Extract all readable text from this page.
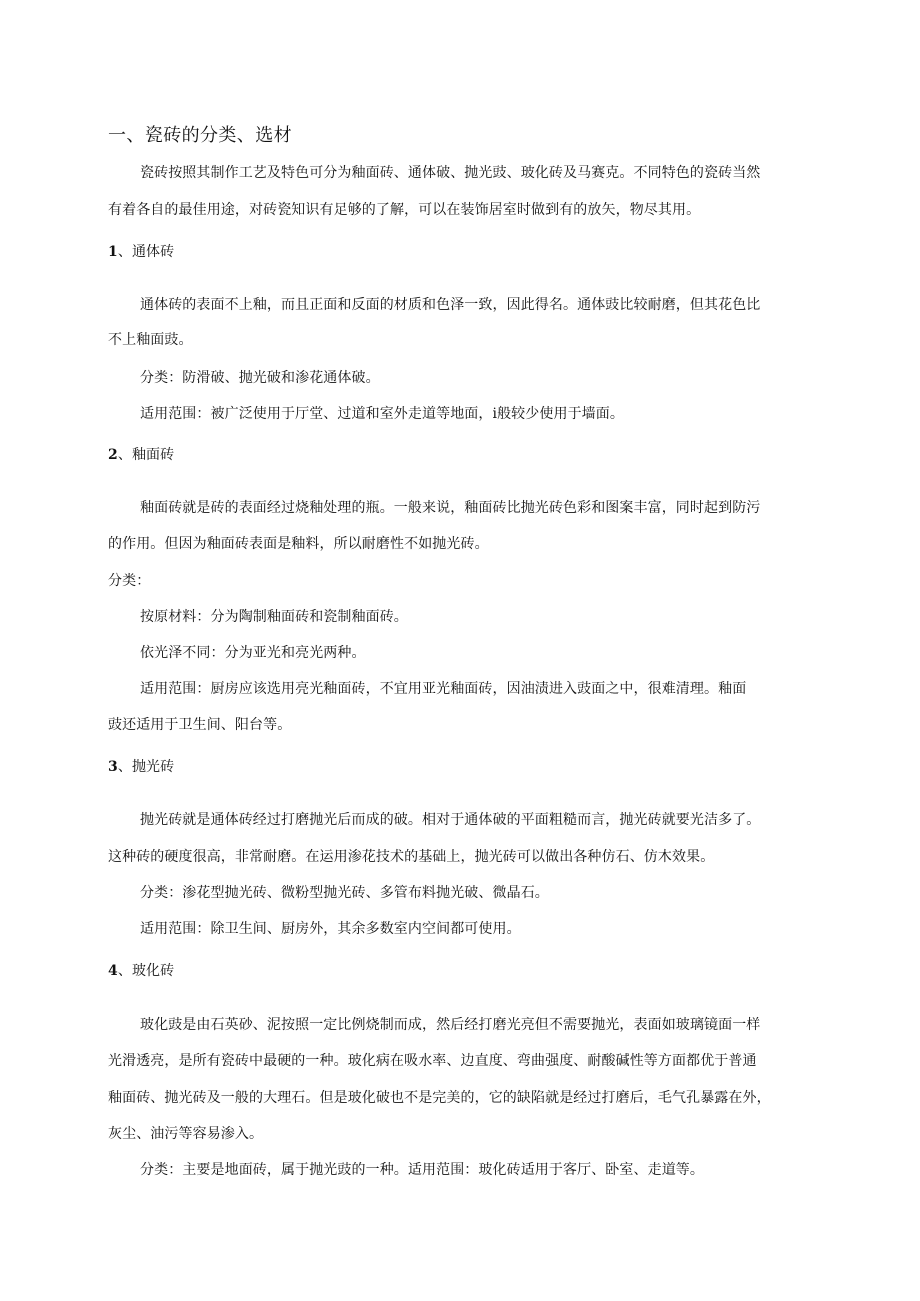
一、瓷砖的分类、选材

瓷砖按照其制作工艺及特色可分为釉面砖、通体破、抛光豉、玻化砖及马赛克。不同特色的瓷砖当然

有着各自的最佳用途，对砖瓷知识有足够的了解，可以在装饰居室时做到有的放矢，物尽其用。

1、通体砖

通体砖的表面不上釉，而且正面和反面的材质和色泽一致，因此得名。通体豉比较耐磨，但其花色比

不上釉面豉。

分类：防滑破、抛光破和渗花通体破。

适用范围：被广泛使用于厅堂、过道和室外走道等地面，i般较少使用于墙面。

2、釉面砖

釉面砖就是砖的表面经过烧釉处理的瓶。一般来说，釉面砖比抛光砖色彩和图案丰富，同时起到防污

的作用。但因为釉面砖表面是釉料，所以耐磨性不如抛光砖。

分类：

按原材料：分为陶制釉面砖和瓷制釉面砖。

依光泽不同：分为亚光和亮光两种。

适用范围：厨房应该选用亮光釉面砖，不宜用亚光釉面砖，因油渍进入豉面之中，很难清理。釉面

豉还适用于卫生间、阳台等。

3、抛光砖

抛光砖就是通体砖经过打磨抛光后而成的破。相对于通体破的平面粗糙而言，抛光砖就要光洁多了。

这种砖的硬度很高，非常耐磨。在运用渗花技术的基础上，抛光砖可以做出各种仿石、仿木效果。

分类：渗花型抛光砖、微粉型抛光砖、多管布料抛光破、微晶石。

适用范围：除卫生间、厨房外，其余多数室内空间都可使用。

4、玻化砖

玻化豉是由石英砂、泥按照一定比例烧制而成，然后经打磨光亮但不需要抛光，表面如玻璃镜面一样

光滑透亮，是所有瓷砖中最硬的一种。玻化病在吸水率、边直度、弯曲强度、耐酸碱性等方面都优于普通

釉面砖、抛光砖及一般的大理石。但是玻化破也不是完美的，它的缺陷就是经过打磨后，毛气孔暴露在外，

灰尘、油污等容易渗入。

分类：主要是地面砖，属于抛光豉的一种。适用范围：玻化砖适用于客厅、卧室、走道等。
